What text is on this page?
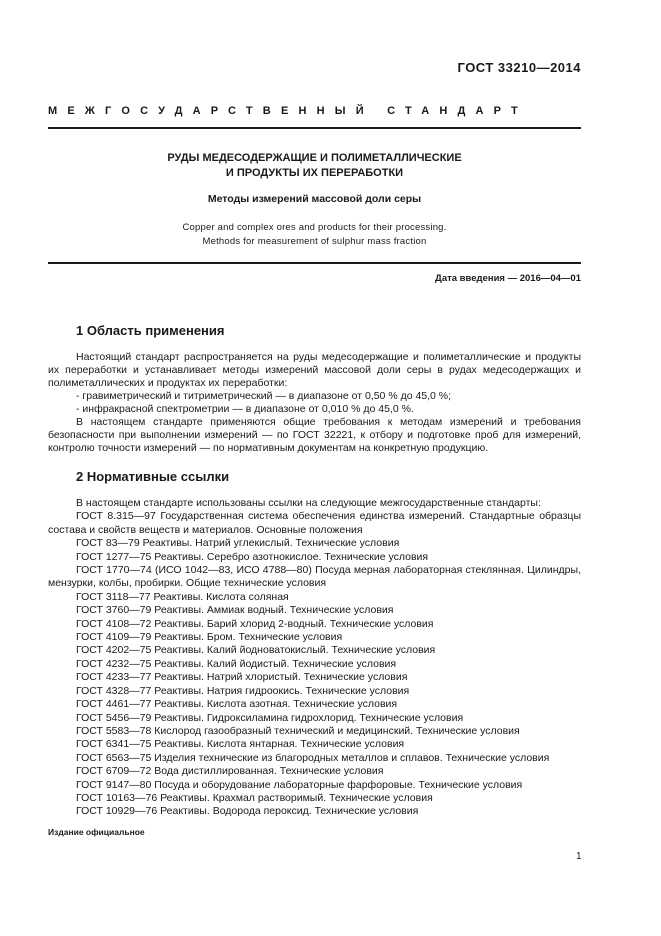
ГОСТ 33210—2014
МЕЖГОСУДАРСТВЕННЫЙ СТАНДАРТ
РУДЫ МЕДЕСОДЕРЖАЩИЕ И ПОЛИМЕТАЛЛИЧЕСКИЕ
И ПРОДУКТЫ ИХ ПЕРЕРАБОТКИ
Методы измерений массовой доли серы
Copper and complex ores and products for their processing.
Methods for measurement of sulphur mass fraction
Дата введения — 2016—04—01
1 Область применения

Настоящий стандарт распространяется на руды медесодержащие и полиметаллические и продукты их переработки и устанавливает методы измерений массовой доли серы в рудах медесодержащих и полиметаллических и продуктах их переработки:

- гравиметрический и титриметрический — в диапазоне от 0,50 % до 45,0 %;

- инфракрасной спектрометрии — в диапазоне от 0,010 % до 45,0 %.

В настоящем стандарте применяются общие требования к методам измерений и требования безопасности при выполнении измерений — по ГОСТ 32221, к отбору и подготовке проб для измерений, контролю точности измерений — по нормативным документам на конкретную продукцию.

2 Нормативные ссылки

В настоящем стандарте использованы ссылки на следующие межгосударственные стандарты:

ГОСТ 8.315—97 Государственная система обеспечения единства измерений. Стандартные образцы состава и свойств веществ и материалов. Основные положения

ГОСТ 83—79 Реактивы. Натрий углекислый. Технические условия

ГОСТ 1277—75 Реактивы. Серебро азотнокислое. Технические условия

ГОСТ 1770—74 (ИСО 1042—83, ИСО 4788—80) Посуда мерная лабораторная стеклянная. Цилиндры, мензурки, колбы, пробирки. Общие технические условия

ГОСТ 3118—77 Реактивы. Кислота соляная

ГОСТ 3760—79 Реактивы. Аммиак водный. Технические условия

ГОСТ 4108—72 Реактивы. Барий хлорид 2-водный. Технические условия

ГОСТ 4109—79 Реактивы. Бром. Технические условия

ГОСТ 4202—75 Реактивы. Калий йодноватокислый. Технические условия

ГОСТ 4232—75 Реактивы. Калий йодистый. Технические условия

ГОСТ 4233—77 Реактивы. Натрий хлористый. Технические условия

ГОСТ 4328—77 Реактивы. Натрия гидроокись. Технические условия

ГОСТ 4461—77 Реактивы. Кислота азотная. Технические условия

ГОСТ 5456—79 Реактивы. Гидроксиламина гидрохлорид. Технические условия

ГОСТ 5583—78 Кислород газообразный технический и медицинский. Технические условия

ГОСТ 6341—75 Реактивы. Кислота янтарная. Технические условия

ГОСТ 6563—75 Изделия технические из благородных металлов и сплавов. Технические условия

ГОСТ 6709—72 Вода дистиллированная. Технические условия

ГОСТ 9147—80 Посуда и оборудование лабораторные фарфоровые. Технические условия

ГОСТ 10163—76 Реактивы. Крахмал растворимый. Технические условия

ГОСТ 10929—76 Реактивы. Водорода пероксид. Технические условия

Издание официальное
1
